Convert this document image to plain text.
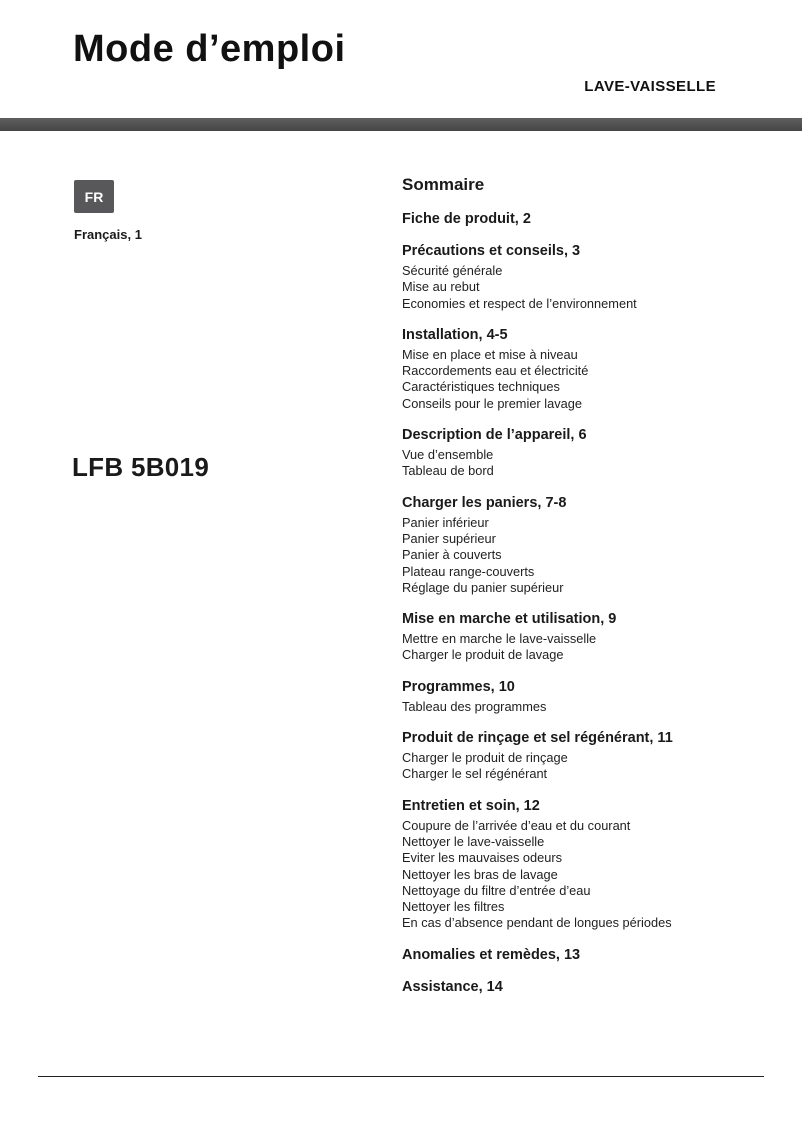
Mode d’emploi
LAVE-VAISSELLE
FR
Français, 1
LFB 5B019
Sommaire
Fiche de produit, 2
Précautions et conseils, 3
Sécurité générale
Mise au rebut
Economies et respect de l’environnement
Installation, 4-5
Mise en place et mise à niveau
Raccordements eau et électricité
Caractéristiques techniques
Conseils pour le premier lavage
Description de l’appareil, 6
Vue d’ensemble
Tableau de bord
Charger les paniers, 7-8
Panier inférieur
Panier supérieur
Panier à couverts
Plateau range-couverts
Réglage du panier supérieur
Mise en marche et utilisation, 9
Mettre en marche le lave-vaisselle
Charger le produit de lavage
Programmes, 10
Tableau des programmes
Produit de rinçage et sel régénérant, 11
Charger le produit de rinçage
Charger le sel régénérant
Entretien et soin, 12
Coupure de l’arrivée d’eau et du courant
Nettoyer le lave-vaisselle
Eviter les mauvaises odeurs
Nettoyer les bras de lavage
Nettoyage du filtre d’entrée d’eau
Nettoyer les filtres
En cas d’absence pendant de longues périodes
Anomalies et remèdes, 13
Assistance, 14
